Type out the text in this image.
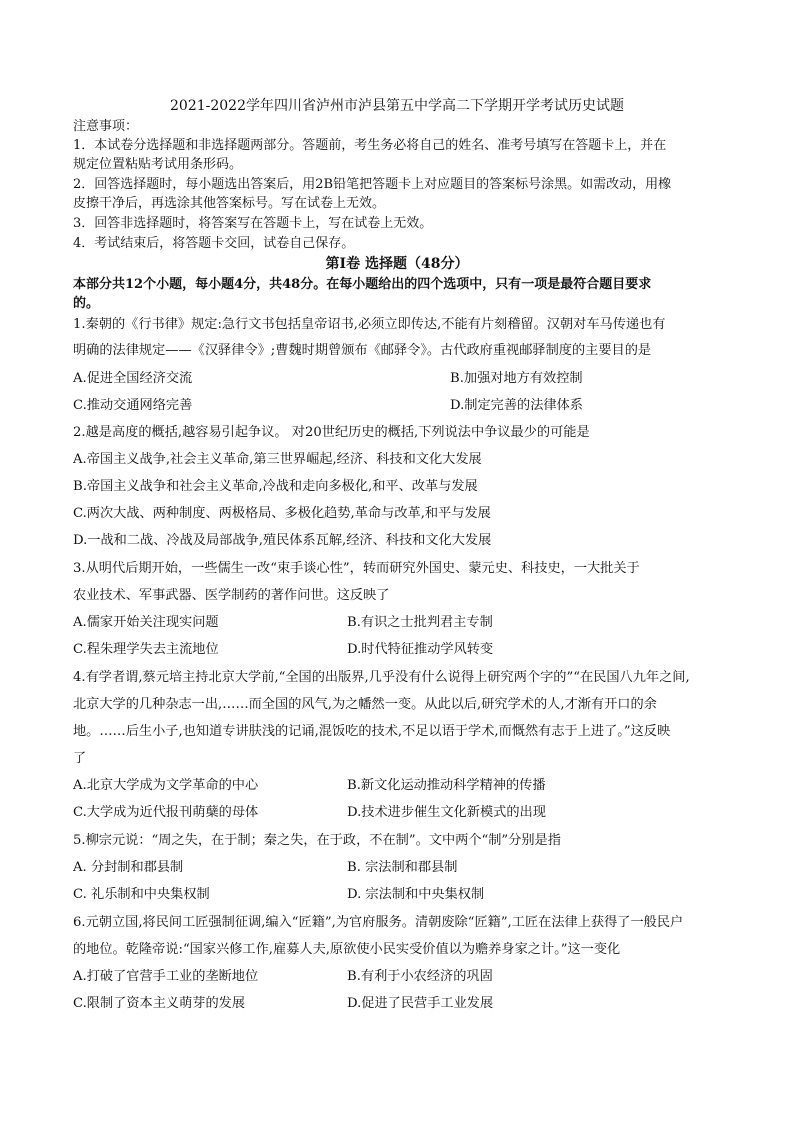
2021-2022学年四川省泸州市泸县第五中学高二下学期开学考试历史试题
注意事项：
1．本试卷分选择题和非选择题两部分。答题前，考生务必将自己的姓名、准考号填写在答题卡上，并在
规定位置粘贴考试用条形码。
2．回答选择题时，每小题选出答案后，用2B铅笔把答题卡上对应题目的答案标号涂黑。如需改动，用橡
皮擦干净后，再选涂其他答案标号。写在试卷上无效。
3．回答非选择题时，将答案写在答题卡上，写在试卷上无效。
4．考试结束后，将答题卡交回，试卷自己保存。
第I卷 选择题（48分）
本部分共12个小题，每小题4分，共48分。在每小题给出的四个选项中，只有一项是最符合题目要求
的。
1.秦朝的《行书律》规定:急行文书包括皇帝诏书,必须立即传达,不能有片刻稽留。汉朝对车马传递也有
明确的法律规定——《汉驿律令》;曹魏时期曾颁布《邮驿令》。古代政府重视邮驿制度的主要目的是
A.促进全国经济交流	B.加强对地方有效控制
C.推动交通网络完善	D.制定完善的法律体系
2.越是高度的概括,越容易引起争议。 对20世纪历史的概括,下列说法中争议最少的可能是
A.帝国主义战争,社会主义革命,第三世界崛起,经济、科技和文化大发展
B.帝国主义战争和社会主义革命,冷战和走向多极化,和平、改革与发展
C.两次大战、两种制度、两极格局、多极化趋势,革命与改革,和平与发展
D.一战和二战、冷战及局部战争,殖民体系瓦解,经济、科技和文化大发展
3.从明代后期开始，一些儒生一改“束手谈心性”，转而研究外国史、蒙元史、科技史，一大批关于
农业技术、军事武器、医学制药的著作问世。这反映了
A.儒家开始关注现实问题	B.有识之士批判君主专制
C.程朱理学失去主流地位	D.时代特征推动学风转变
4.有学者谓,蔡元培主持北京大学前,“全国的出版界,几乎没有什么说得上研究两个字的”“在民国八九年之间,
北京大学的几种杂志一出,……而全国的风气,为之幡然一变。从此以后,研究学术的人,才渐有开口的余
地。……后生小子,也知道专讲肤浅的记诵,混饭吃的技术,不足以语于学术,而慨然有志于上进了。”这反映
了
A.北京大学成为文学革命的中心	B.新文化运动推动科学精神的传播
C.大学成为近代报刊萌蘖的母体	D.技术进步催生文化新模式的出现
5.柳宗元说：“周之失，在于制；秦之失，在于政，不在制”。文中两个“制”分别是指
A. 分封制和郡县制	B. 宗法制和郡县制
C. 礼乐制和中央集权制	D. 宗法制和中央集权制
6.元朝立国,将民间工匠强制征调,编入“匠籍”,为官府服务。清朝废除“匠籍”,工匠在法律上获得了一般民户
的地位。乾隆帝说:“国家兴修工作,雇募人夫,原欲使小民实受价值以为赡养身家之计。”这一变化
A.打破了官营手工业的垄断地位	B.有利于小农经济的巩固
C.限制了资本主义萌芽的发展	D.促进了民营手工业发展
